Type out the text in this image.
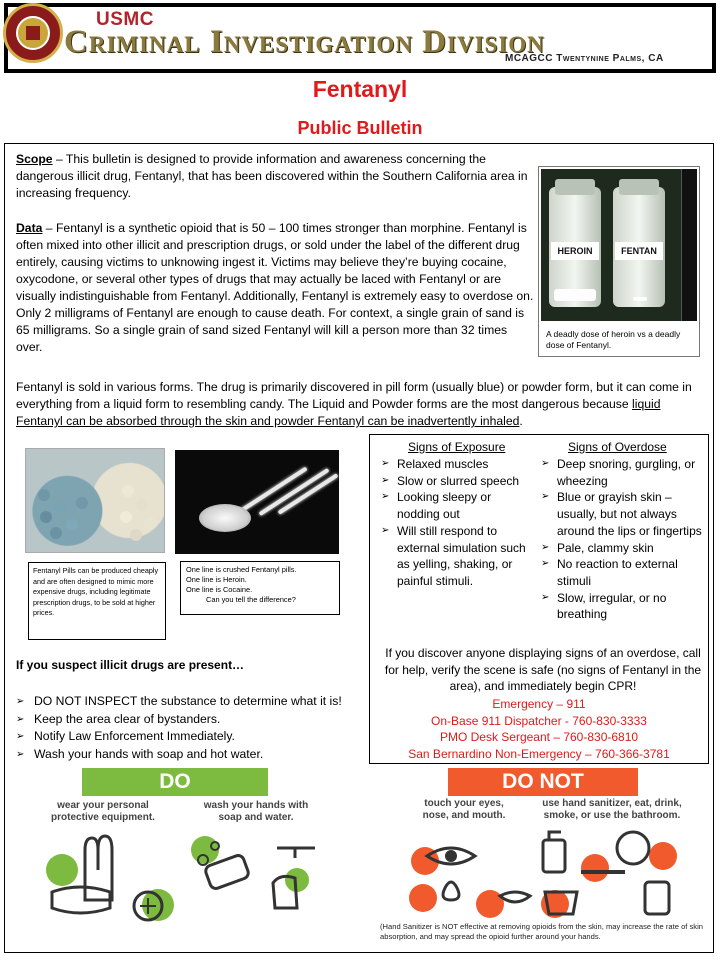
USMC
Criminal Investigation Division
MCAGCC Twentynine Palms, CA
Fentanyl
Public Bulletin
Scope – This bulletin is designed to provide information and awareness concerning the dangerous illicit drug, Fentanyl, that has been discovered within the Southern California area in increasing frequency.
Data – Fentanyl is a synthetic opioid that is 50 – 100 times stronger than morphine. Fentanyl is often mixed into other illicit and prescription drugs, or sold under the label of the different drug entirely, causing victims to unknowing ingest it. Victims may believe they’re buying cocaine, oxycodone, or several other types of drugs that may actually be laced with Fentanyl or are visually indistinguishable from Fentanyl. Additionally, Fentanyl is extremely easy to overdose on. Only 2 milligrams of Fentanyl are enough to cause death. For context, a single grain of sand is 65 milligrams. So a single grain of sand sized Fentanyl will kill a person more than 32 times over.
HEROIN	FENTAN
A deadly dose of heroin vs a deadly dose of Fentanyl.
Fentanyl is sold in various forms. The drug is primarily discovered in pill form (usually blue) or powder form, but it can come in everything from a liquid form to resembling candy. The Liquid and Powder forms are the most dangerous because liquid Fentanyl can be absorbed through the skin and powder Fentanyl can be inadvertently inhaled.
Fentanyl Pills can be produced cheaply and are often designed to mimic more expensive drugs, including legitimate prescription drugs, to be sold at higher prices.
One line is crushed Fentanyl pills.
One line is Heroin.
One line is Cocaine.
Can you tell the difference?
Signs of Exposure	Signs of Overdose
➢ Relaxed muscles
➢ Slow or slurred speech
➢ Looking sleepy or nodding out
➢ Will still respond to external simulation such as yelling, shaking, or painful stimuli.
➢ Deep snoring, gurgling, or wheezing
➢ Blue or grayish skin – usually, but not always around the lips or fingertips
➢ Pale, clammy skin
➢ No reaction to external stimuli
➢ Slow, irregular, or no breathing
If you discover anyone displaying signs of an overdose, call for help, verify the scene is safe (no signs of Fentanyl in the area), and immediately begin CPR!
Emergency – 911
On-Base 911 Dispatcher - 760-830-3333
PMO Desk Sergeant – 760-830-6810
San Bernardino Non-Emergency – 760-366-3781
If you suspect illicit drugs are present…
➢ DO NOT INSPECT the substance to determine what it is!
➢ Keep the area clear of bystanders.
➢ Notify Law Enforcement Immediately.
➢ Wash your hands with soap and hot water.
DO
wear your personal protective equipment.
wash your hands with soap and water.
DO NOT
touch your eyes, nose, and mouth.
use hand sanitizer, eat, drink, smoke, or use the bathroom.
(Hand Sanitizer is NOT effective at removing opioids from the skin, may increase the rate of skin absorption, and may spread the opioid further around your hands.
